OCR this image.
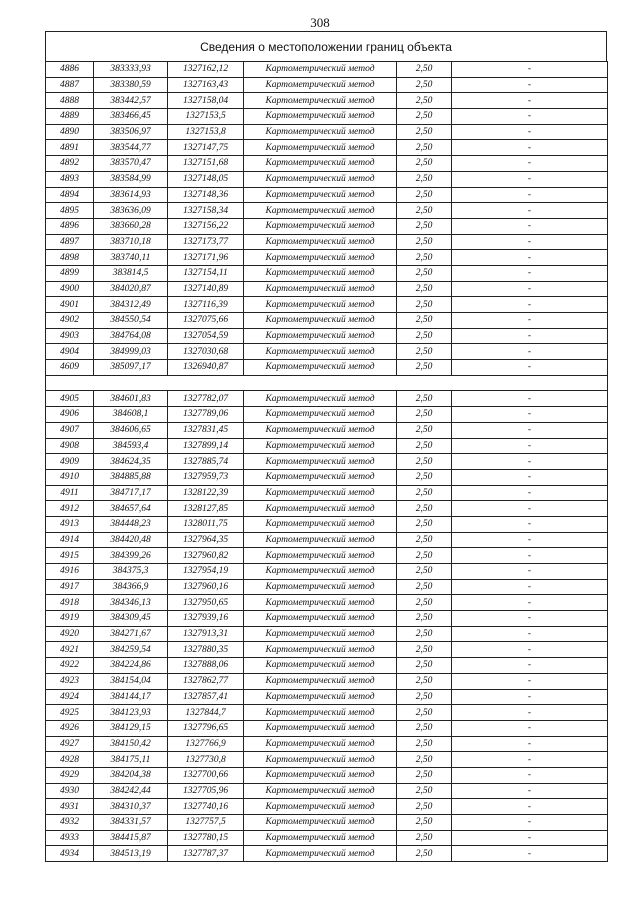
308
Сведения о местоположении границ объекта
4886	383333,93	1327162,12	Картометрический метод	2,50	-
4887	383380,59	1327163,43	Картометрический метод	2,50	-
4888	383442,57	1327158,04	Картометрический метод	2,50	-
4889	383466,45	1327153,5	Картометрический метод	2,50	-
4890	383506,97	1327153,8	Картометрический метод	2,50	-
4891	383544,77	1327147,75	Картометрический метод	2,50	-
4892	383570,47	1327151,68	Картометрический метод	2,50	-
4893	383584,99	1327148,05	Картометрический метод	2,50	-
4894	383614,93	1327148,36	Картометрический метод	2,50	-
4895	383636,09	1327158,34	Картометрический метод	2,50	-
4896	383660,28	1327156,22	Картометрический метод	2,50	-
4897	383710,18	1327173,77	Картометрический метод	2,50	-
4898	383740,11	1327171,96	Картометрический метод	2,50	-
4899	383814,5	1327154,11	Картометрический метод	2,50	-
4900	384020,87	1327140,89	Картометрический метод	2,50	-
4901	384312,49	1327116,39	Картометрический метод	2,50	-
4902	384550,54	1327075,66	Картометрический метод	2,50	-
4903	384764,08	1327054,59	Картометрический метод	2,50	-
4904	384999,03	1327030,68	Картометрический метод	2,50	-
4609	385097,17	1326940,87	Картометрический метод	2,50	-

4905	384601,83	1327782,07	Картометрический метод	2,50	-
4906	384608,1	1327789,06	Картометрический метод	2,50	-
4907	384606,65	1327831,45	Картометрический метод	2,50	-
4908	384593,4	1327899,14	Картометрический метод	2,50	-
4909	384624,35	1327885,74	Картометрический метод	2,50	-
4910	384885,88	1327959,73	Картометрический метод	2,50	-
4911	384717,17	1328122,39	Картометрический метод	2,50	-
4912	384657,64	1328127,85	Картометрический метод	2,50	-
4913	384448,23	1328011,75	Картометрический метод	2,50	-
4914	384420,48	1327964,35	Картометрический метод	2,50	-
4915	384399,26	1327960,82	Картометрический метод	2,50	-
4916	384375,3	1327954,19	Картометрический метод	2,50	-
4917	384366,9	1327960,16	Картометрический метод	2,50	-
4918	384346,13	1327950,65	Картометрический метод	2,50	-
4919	384309,45	1327939,16	Картометрический метод	2,50	-
4920	384271,67	1327913,31	Картометрический метод	2,50	-
4921	384259,54	1327880,35	Картометрический метод	2,50	-
4922	384224,86	1327888,06	Картометрический метод	2,50	-
4923	384154,04	1327862,77	Картометрический метод	2,50	-
4924	384144,17	1327857,41	Картометрический метод	2,50	-
4925	384123,93	1327844,7	Картометрический метод	2,50	-
4926	384129,15	1327796,65	Картометрический метод	2,50	-
4927	384150,42	1327766,9	Картометрический метод	2,50	-
4928	384175,11	1327730,8	Картометрический метод	2,50	-
4929	384204,38	1327700,66	Картометрический метод	2,50	-
4930	384242,44	1327705,96	Картометрический метод	2,50	-
4931	384310,37	1327740,16	Картометрический метод	2,50	-
4932	384331,57	1327757,5	Картометрический метод	2,50	-
4933	384415,87	1327780,15	Картометрический метод	2,50	-
4934	384513,19	1327787,37	Картометрический метод	2,50	-
